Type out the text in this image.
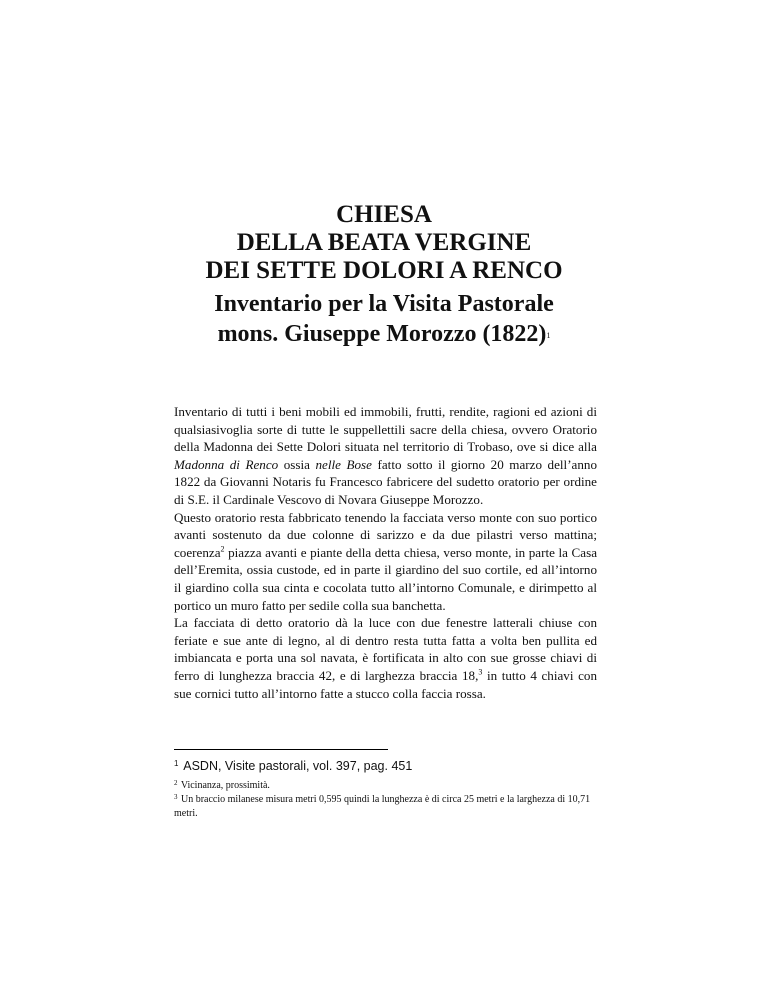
CHIESA
DELLA BEATA VERGINE
DEI SETTE DOLORI A RENCO
Inventario per la Visita Pastorale
mons. Giuseppe Morozzo $(1822)^1$

Inventario di tutti i beni mobili ed immobili, frutti, rendite, ragioni ed azioni di qualsiasivoglia sorte di tutte le suppellettili sacre della chiesa, ovvero Oratorio della Madonna dei Sette Dolori situata nel territorio di Trobaso, ove si dice alla Madonna di Renco ossia nelle Bose fatto sotto il giorno 20 marzo dell’anno 1822 da Giovanni Notaris fu Francesco fabricere del sudetto oratorio per ordine di S.E. il Cardinale Vescovo di Novara Giuseppe Morozzo.

Questo oratorio resta fabbricato tenendo la facciata verso monte con suo portico avanti sostenuto da due colonne di sarizzo e da due pilastri verso mattina; coerenza$^2$ piazza avanti e piante della detta chiesa, verso monte, in parte la Casa dell’Eremita, ossia custode, ed in parte il giardino del suo cortile, ed all’intorno il giardino colla sua cinta e cocolata tutto all’intorno Comunale, e dirimpetto al portico un muro fatto per sedile colla sua banchetta.

La facciata di detto oratorio dà la luce con due fenestre latterali chiuse con feriate e sue ante di legno, al di dentro resta tutta fatta a volta ben pullita ed imbiancata e porta una sol navata, è fortificata in alto con sue grosse chiavi di ferro di lunghezza braccia 42, e di larghezza braccia 18,$^3$ in tutto 4 chiavi con sue cornici tutto all’intorno fatte a stucco colla faccia rossa.

$^1$ ASDN, Visite pastorali, vol. 397, pag. 451
$^2$ Vicinanza, prossimità.
$^3$ Un braccio milanese misura metri 0,595 quindi la lunghezza è di circa 25 metri e la larghezza di 10,71 metri.
